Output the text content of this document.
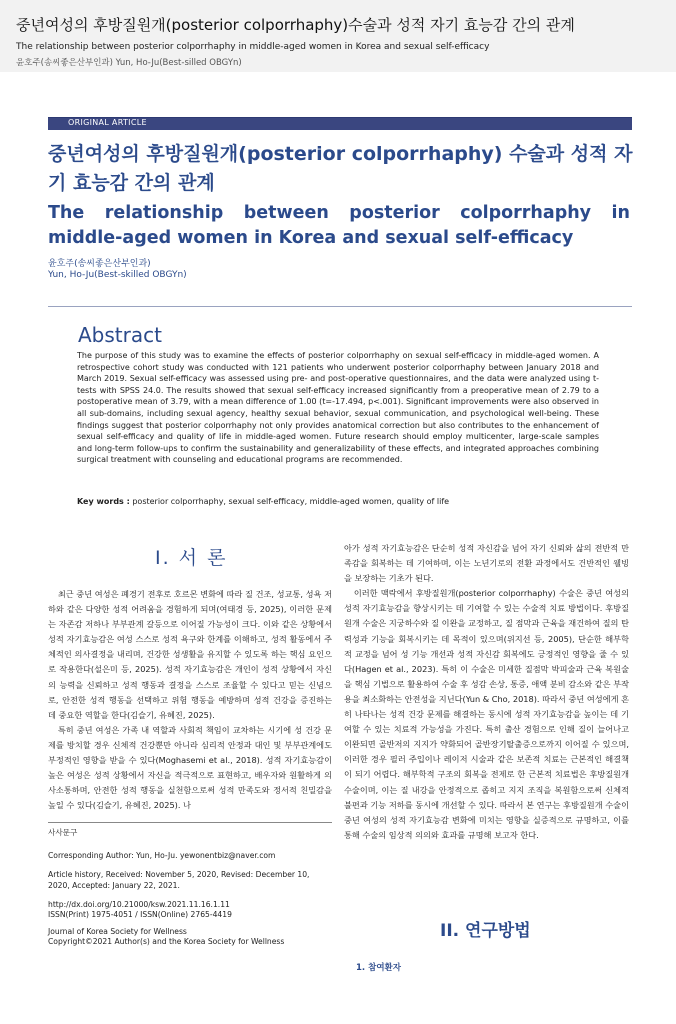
중년여성의 후방질원개(posterior colporrhaphy)수술과 성적 자기 효능감 간의 관계
The relationship between posterior colporrhaphy in middle-aged women in Korea and sexual self-efficacy
윤호주(송씨좋은산부인과) Yun, Ho-Ju(Best-silled OBGYn)
ORIGINAL ARTICLE
중년여성의 후방질원개(posterior colporrhaphy) 수술과 성적 자기 효능감 간의 관계
The relationship between posterior colporrhaphy in middle-aged women in Korea and sexual self-efficacy
윤호주(송씨좋은산부인과)
Yun, Ho-Ju(Best-skilled OBGYn)
Abstract
The purpose of this study was to examine the effects of posterior colporrhaphy on sexual self-efficacy in middle-aged women. A retrospective cohort study was conducted with 121 patients who underwent posterior colporrhaphy between January 2018 and March 2019. Sexual self-efficacy was assessed using pre- and post-operative questionnaires, and the data were analyzed using t-tests with SPSS 24.0. The results showed that sexual self-efficacy increased significantly from a preoperative mean of 2.79 to a postoperative mean of 3.79, with a mean difference of 1.00 (t=-17.494, p<.001). Significant improvements were also observed in all sub-domains, including sexual agency, healthy sexual behavior, sexual communication, and psychological well-being. These findings suggest that posterior colporrhaphy not only provides anatomical correction but also contributes to the enhancement of sexual self-efficacy and quality of life in middle-aged women. Future research should employ multicenter, large-scale samples and long-term follow-ups to confirm the sustainability and generalizability of these effects, and integrated approaches combining surgical treatment with counseling and educational programs are recommended.
Key words : posterior colporrhaphy, sexual self-efficacy, middle-aged women, quality of life
I. 서 론

최근 중년 여성은 폐경기 전후로 호르몬 변화에 따라 질 건조, 성교통, 성욕 저하와 같은 다양한 성적 어려움을 경험하게 되며(여태경 등, 2025), 이러한 문제는 자존감 저하나 부부관계 갈등으로 이어질 가능성이 크다. 이와 같은 상황에서 성적 자기효능감은 여성 스스로 성적 욕구와 한계를 이해하고, 성적 활동에서 주체적인 의사결정을 내리며, 건강한 성생활을 유지할 수 있도록 하는 핵심 요인으로 작용한다(설은미 등, 2025). 성적 자기효능감은 개인이 성적 상황에서 자신의 능력을 신뢰하고 성적 행동과 결정을 스스로 조율할 수 있다고 믿는 신념으로, 안전한 성적 행동을 선택하고 위험 행동을 예방하며 성적 건강을 증진하는 데 중요한 역할을 한다(김슬기, 유혜진, 2025).

특히 중년 여성은 가족 내 역할과 사회적 책임이 교차하는 시기에 성 건강 문제를 방치할 경우 신체적 건강뿐만 아니라 심리적 안정과 대인 및 부부관계에도 부정적인 영향을 받을 수 있다(Moghasemi et al., 2018). 성적 자기효능감이 높은 여성은 성적 상황에서 자신을 적극적으로 표현하고, 배우자와 원활하게 의사소통하며, 안전한 성적 행동을 실천함으로써 성적 만족도와 정서적 친밀감을 높일 수 있다(김슬기, 유혜진, 2025). 나

사사문구
Corresponding Author: Yun, Ho-Ju. yewonentbiz@naver.com
Article history, Received: November 5, 2020, Revised: December 10, 2020, Accepted: January 22, 2021.
http://dx.doi.org/10.21000/ksw.2021.11.16.1.11
ISSN(Print) 1975-4051 / ISSN(Online) 2765-4419
Journal of Korea Society for Wellness
Copyright©2021 Author(s) and the Korea Society for Wellness

아가 성적 자기효능감은 단순히 성적 자신감을 넘어 자기 신뢰와 삶의 전반적 만족감을 회복하는 데 기여하며, 이는 노년기로의 전환 과정에서도 건반적인 웰빙을 보장하는 기초가 된다.

이러한 맥락에서 후방질원개(posterior colporrhaphy) 수술은 중년 여성의 성적 자기효능감을 향상시키는 데 기여할 수 있는 수술적 치료 방법이다. 후방질원개 수술은 지궁하수와 질 이완을 교정하고, 질 점막과 근육을 재건하여 질의 탄력성과 기능을 회복시키는 데 목적이 있으며(위지선 등, 2005), 단순한 해부학적 교정을 넘어 성 기능 개선과 성적 자신감 회복에도 긍정적인 영향을 줄 수 있다(Hagen et al., 2023). 특히 이 수술은 미세한 질점막 박피술과 근육 복원술을 핵심 기법으로 활용하여 수술 후 성감 손상, 통증, 애액 분비 감소와 같은 부작용을 최소화하는 안전성을 지닌다(Yun & Cho, 2018). 따라서 중년 여성에게 흔히 나타나는 성적 건강 문제를 해결하는 동시에 성적 자기효능감을 높이는 데 기여할 수 있는 치료적 가능성을 가진다. 특히 출산 경험으로 인해 질이 늘어나고 이완되면 골반저의 지지가 약화되어 골반장기탈출증으로까지 이어질 수 있으며, 이러한 경우 필러 주입이나 레이저 시술과 같은 보존적 치료는 근본적인 해결책이 되기 어렵다. 해부학적 구조의 회복을 전제로 한 근본적 치료법은 후방질원개 수술이며, 이는 질 내강을 안정적으로 좁히고 지지 조직을 복원함으로써 신체적 불편과 기능 저하를 동시에 개선할 수 있다. 따라서 본 연구는 후방질원개 수술이 중년 여성의 성적 자기효능감 변화에 미치는 영향을 실증적으로 규명하고, 이를 통해 수술의 임상적 의의와 효과를 규명해 보고자 한다.

II. 연구방법
1. 참여환자
